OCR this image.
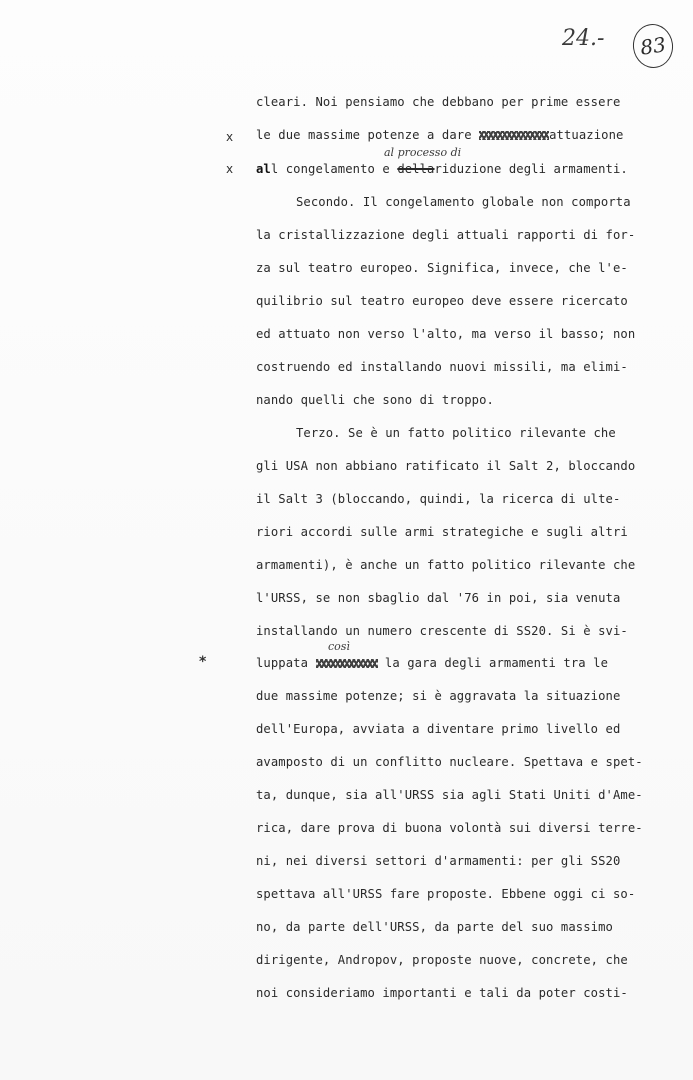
24.- 83
x
x
*
al processo di
così
cleari. Noi pensiamo che debbano per prime essere
le due massime potenze a dare	attuazione
all congelamento e dellariduzione degli armamenti.
Secondo. Il congelamento globale non comporta
la cristallizzazione degli attuali rapporti di for-
za sul teatro europeo. Significa, invece, che l'e-
quilibrio sul teatro europeo deve essere ricercato
ed attuato non verso l'alto, ma verso il basso; non
costruendo ed installando nuovi missili, ma elimi-
nando quelli che sono di troppo.
Terzo. Se è un fatto politico rilevante che
gli USA non abbiano ratificato il Salt 2, bloccando
il Salt 3 (bloccando, quindi, la ricerca di ulte-
riori accordi sulle armi strategiche e sugli altri
armamenti), è anche un fatto politico rilevante che
l'URSS, se non sbaglio dal '76 in poi, sia venuta
installando un numero crescente di SS20. Si è svi-
luppata	la gara degli armamenti tra le
due massime potenze; si è aggravata la situazione
dell'Europa, avviata a diventare primo livello ed
avamposto di un conflitto nucleare. Spettava e spet-
ta, dunque, sia all'URSS sia agli Stati Uniti d'Ame-
rica, dare prova di buona volontà sui diversi terre-
ni, nei diversi settori d'armamenti: per gli SS20
spettava all'URSS fare proposte. Ebbene oggi ci so-
no, da parte dell'URSS, da parte del suo massimo
dirigente, Andropov, proposte nuove, concrete, che
noi consideriamo importanti e tali da poter costi-
